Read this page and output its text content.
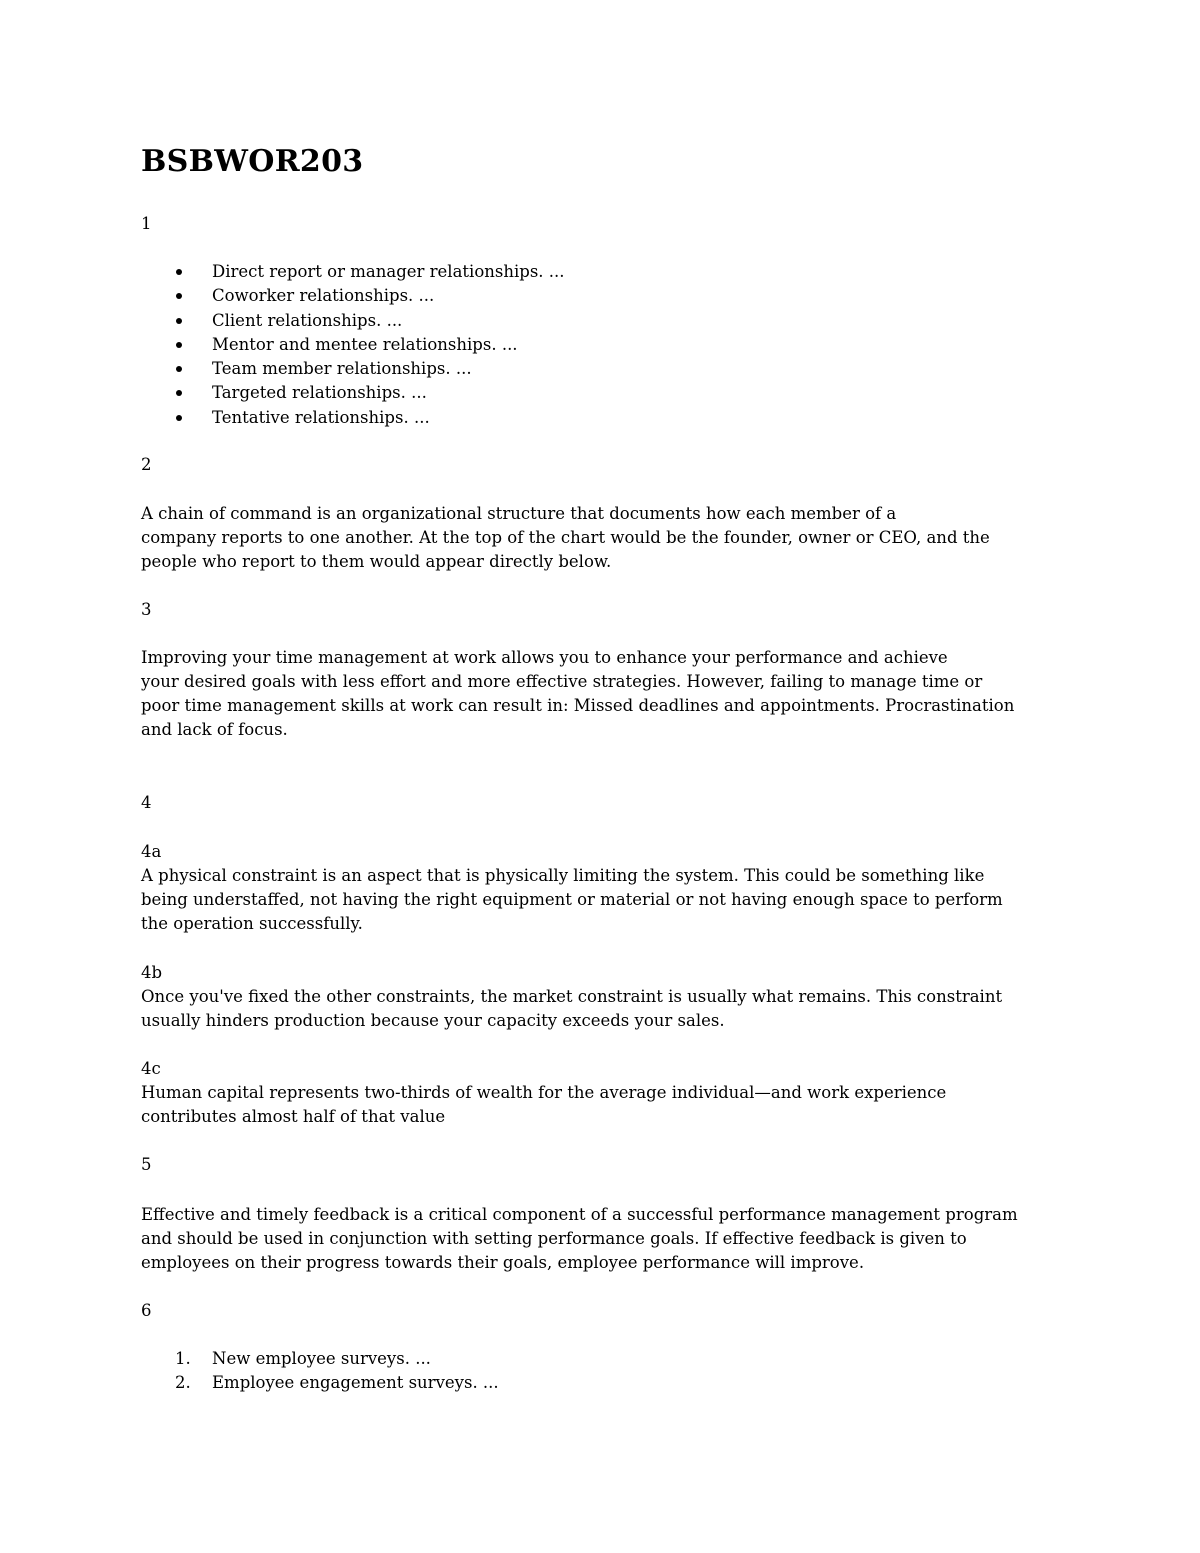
BSBWOR203

1

Direct report or manager relationships. ...
Coworker relationships. ...
Client relationships. ...
Mentor and mentee relationships. ...
Team member relationships. ...
Targeted relationships. ...
Tentative relationships. ...

2

A chain of command is an organizational structure that documents how each member of a
company reports to one another. At the top of the chart would be the founder, owner or CEO, and the
people who report to them would appear directly below.

3

Improving your time management at work allows you to enhance your performance and achieve
your desired goals with less effort and more effective strategies. However, failing to manage time or
poor time management skills at work can result in: Missed deadlines and appointments. Procrastination
and lack of focus.

4

4a

A physical constraint is an aspect that is physically limiting the system. This could be something like
being understaffed, not having the right equipment or material or not having enough space to perform
the operation successfully.

4b

Once you've fixed the other constraints, the market constraint is usually what remains. This constraint
usually hinders production because your capacity exceeds your sales.

4c

Human capital represents two-thirds of wealth for the average individual—and work experience
contributes almost half of that value

5

Effective and timely feedback is a critical component of a successful performance management program
and should be used in conjunction with setting performance goals. If effective feedback is given to
employees on their progress towards their goals, employee performance will improve.

6

1. New employee surveys. ...
2. Employee engagement surveys. ...
